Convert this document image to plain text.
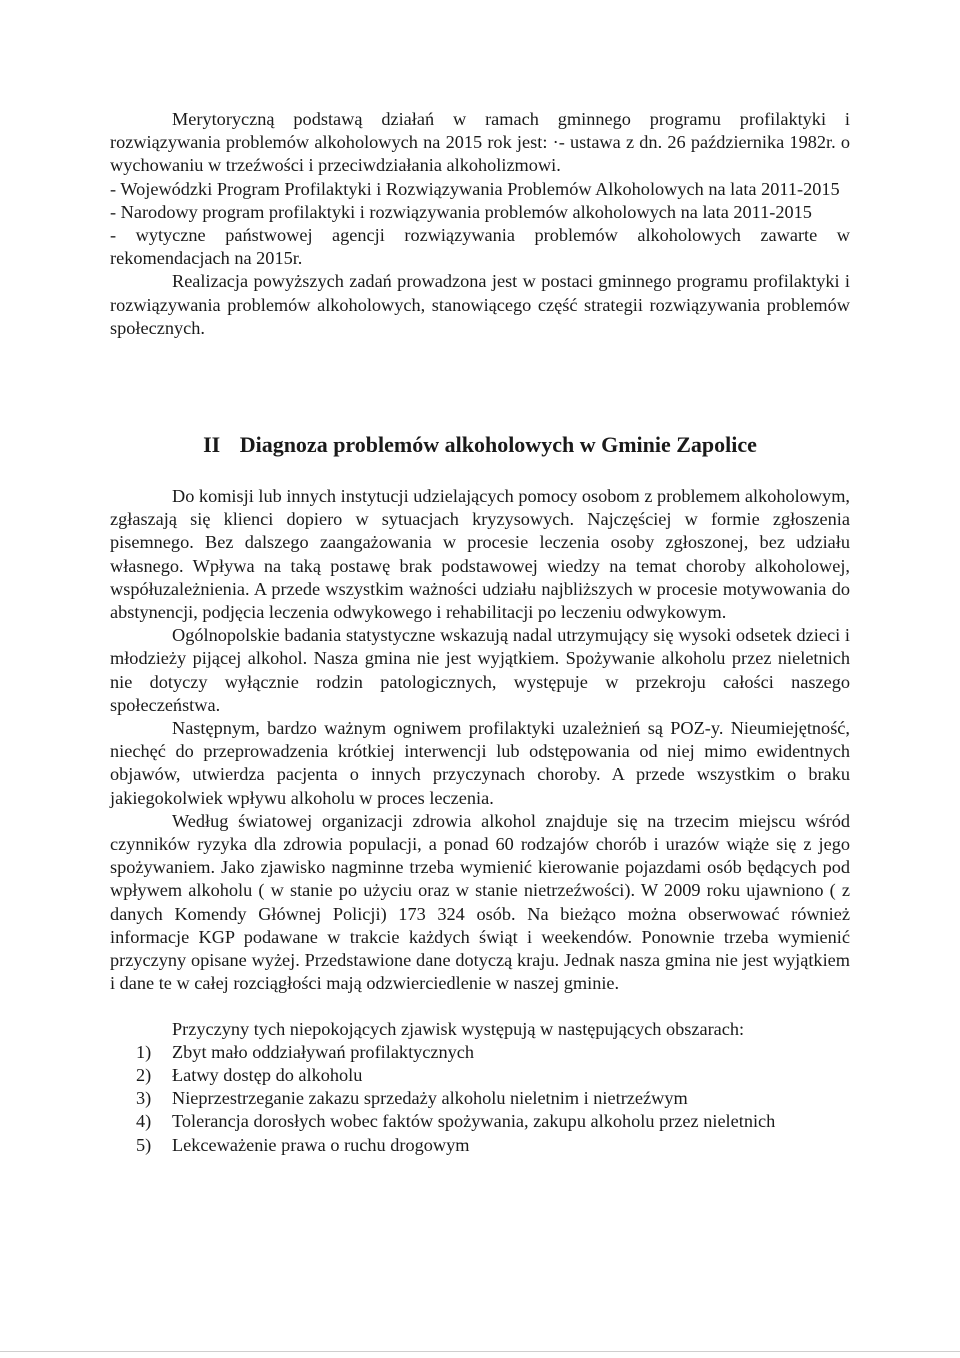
Merytoryczną podstawą działań w ramach gminnego programu profilaktyki i rozwiązywania problemów alkoholowych na 2015 rok jest: ·- ustawa z dn. 26 października 1982r. o wychowaniu w trzeźwości i przeciwdziałania alkoholizmowi.

- Wojewódzki Program Profilaktyki i Rozwiązywania Problemów Alkoholowych na lata 2011-2015

- Narodowy program profilaktyki i rozwiązywania problemów alkoholowych na lata 2011-2015

- wytyczne państwowej agencji rozwiązywania problemów alkoholowych zawarte w rekomendacjach na 2015r.

Realizacja powyższych zadań prowadzona jest w postaci gminnego programu profilaktyki i rozwiązywania problemów alkoholowych, stanowiącego część strategii rozwiązywania problemów społecznych.

II Diagnoza problemów alkoholowych w Gminie Zapolice

Do komisji lub innych instytucji udzielających pomocy osobom z problemem alkoholowym, zgłaszają się klienci dopiero w sytuacjach kryzysowych. Najczęściej w formie zgłoszenia pisemnego. Bez dalszego zaangażowania w procesie leczenia osoby zgłoszonej, bez udziału własnego. Wpływa na taką postawę brak podstawowej wiedzy na temat choroby alkoholowej, współuzależnienia. A przede wszystkim ważności udziału najbliższych w procesie motywowania do abstynencji, podjęcia leczenia odwykowego i rehabilitacji po leczeniu odwykowym.

Ogólnopolskie badania statystyczne wskazują nadal utrzymujący się wysoki odsetek dzieci i młodzieży pijącej alkohol. Nasza gmina nie jest wyjątkiem. Spożywanie alkoholu przez nieletnich nie dotyczy wyłącznie rodzin patologicznych, występuje w przekroju całości naszego społeczeństwa.

Następnym, bardzo ważnym ogniwem profilaktyki uzależnień są POZ-y. Nieumiejętność, niechęć do przeprowadzenia krótkiej interwencji lub odstępowania od niej mimo ewidentnych objawów, utwierdza pacjenta o innych przyczynach choroby. A przede wszystkim o braku jakiegokolwiek wpływu alkoholu w proces leczenia.

Według światowej organizacji zdrowia alkohol znajduje się na trzecim miejscu wśród czynników ryzyka dla zdrowia populacji, a ponad 60 rodzajów chorób i urazów wiąże się z jego spożywaniem. Jako zjawisko nagminne trzeba wymienić kierowanie pojazdami osób będących pod wpływem alkoholu ( w stanie po użyciu oraz w stanie nietrzeźwości). W 2009 roku ujawniono ( z danych Komendy Głównej Policji) 173 324 osób. Na bieżąco można obserwować również informacje KGP podawane w trakcie każdych świąt i weekendów. Ponownie trzeba wymienić przyczyny opisane wyżej. Przedstawione dane dotyczą kraju. Jednak nasza gmina nie jest wyjątkiem i dane te w całej rozciągłości mają odzwierciedlenie w naszej gminie.

Przyczyny tych niepokojących zjawisk występują w następujących obszarach:

1) Zbyt mało oddziaływań profilaktycznych
2) Łatwy dostęp do alkoholu
3) Nieprzestrzeganie zakazu sprzedaży alkoholu nieletnim i nietrzeźwym
4) Tolerancja dorosłych wobec faktów spożywania, zakupu alkoholu przez nieletnich
5) Lekceważenie prawa o ruchu drogowym
